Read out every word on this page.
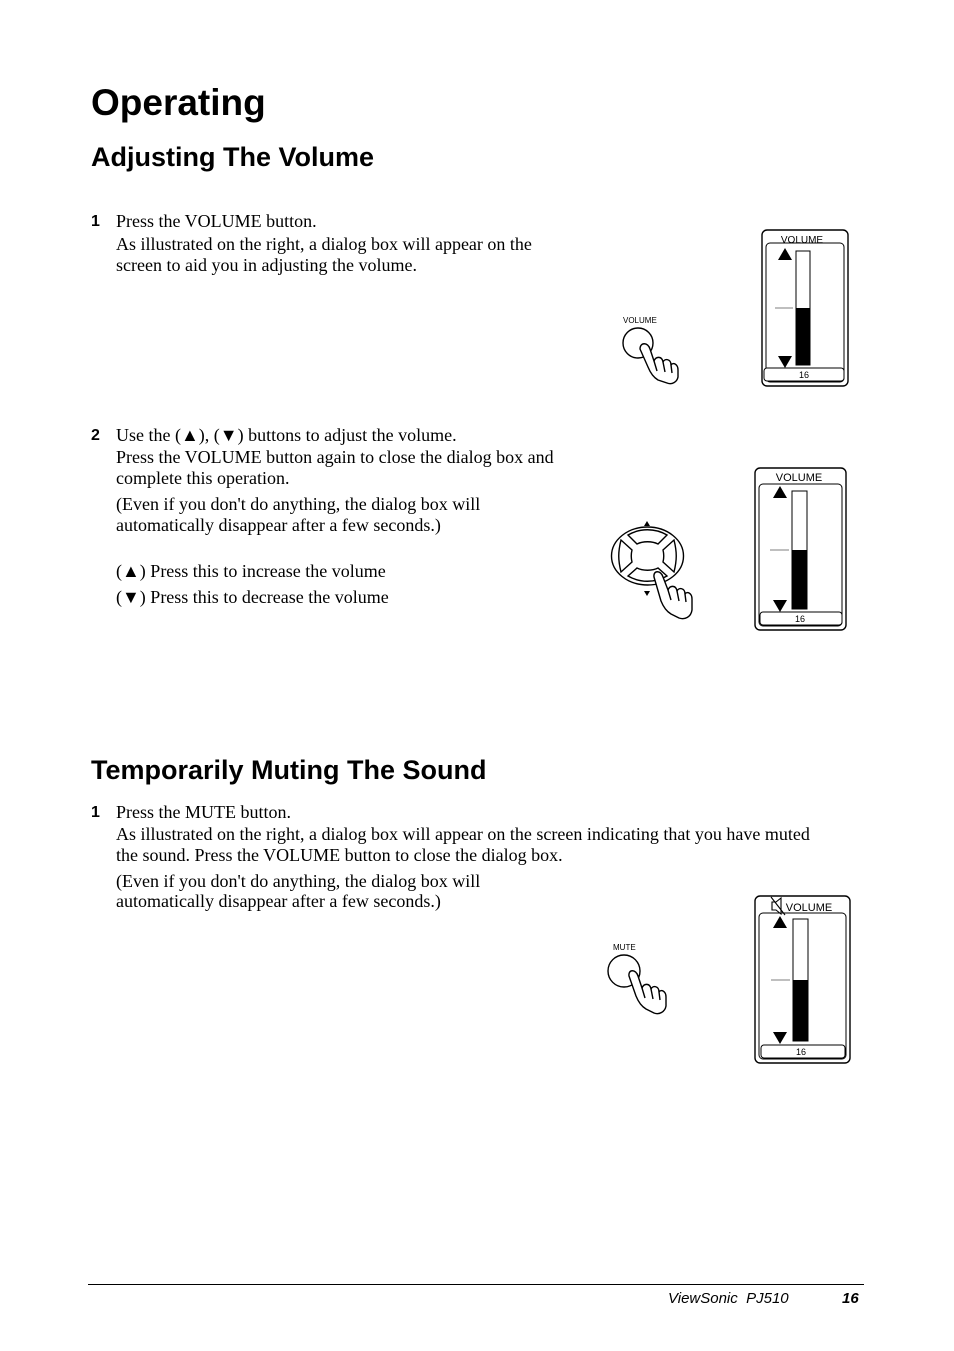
Operating
Adjusting The Volume
1 Press the VOLUME button.
As illustrated on the right, a dialog box will appear on the
screen to aid you in adjusting the volume.
VOLUME
VOLUME
16
2 Use the (▲), (▼) buttons to adjust the volume.
Press the VOLUME button again to close the dialog box and
complete this operation.
(Even if you don't do anything, the dialog box will
automatically disappear after a few seconds.)
(▲) Press this to increase the volume
(▼) Press this to decrease the volume
VOLUME
16
Temporarily Muting The Sound
1 Press the MUTE button.
As illustrated on the right, a dialog box will appear on the screen indicating that you have muted
the sound. Press the VOLUME button to close the dialog box.
(Even if you don't do anything, the dialog box will
automatically disappear after a few seconds.)
MUTE
VOLUME
16
ViewSonic  PJ510	16
